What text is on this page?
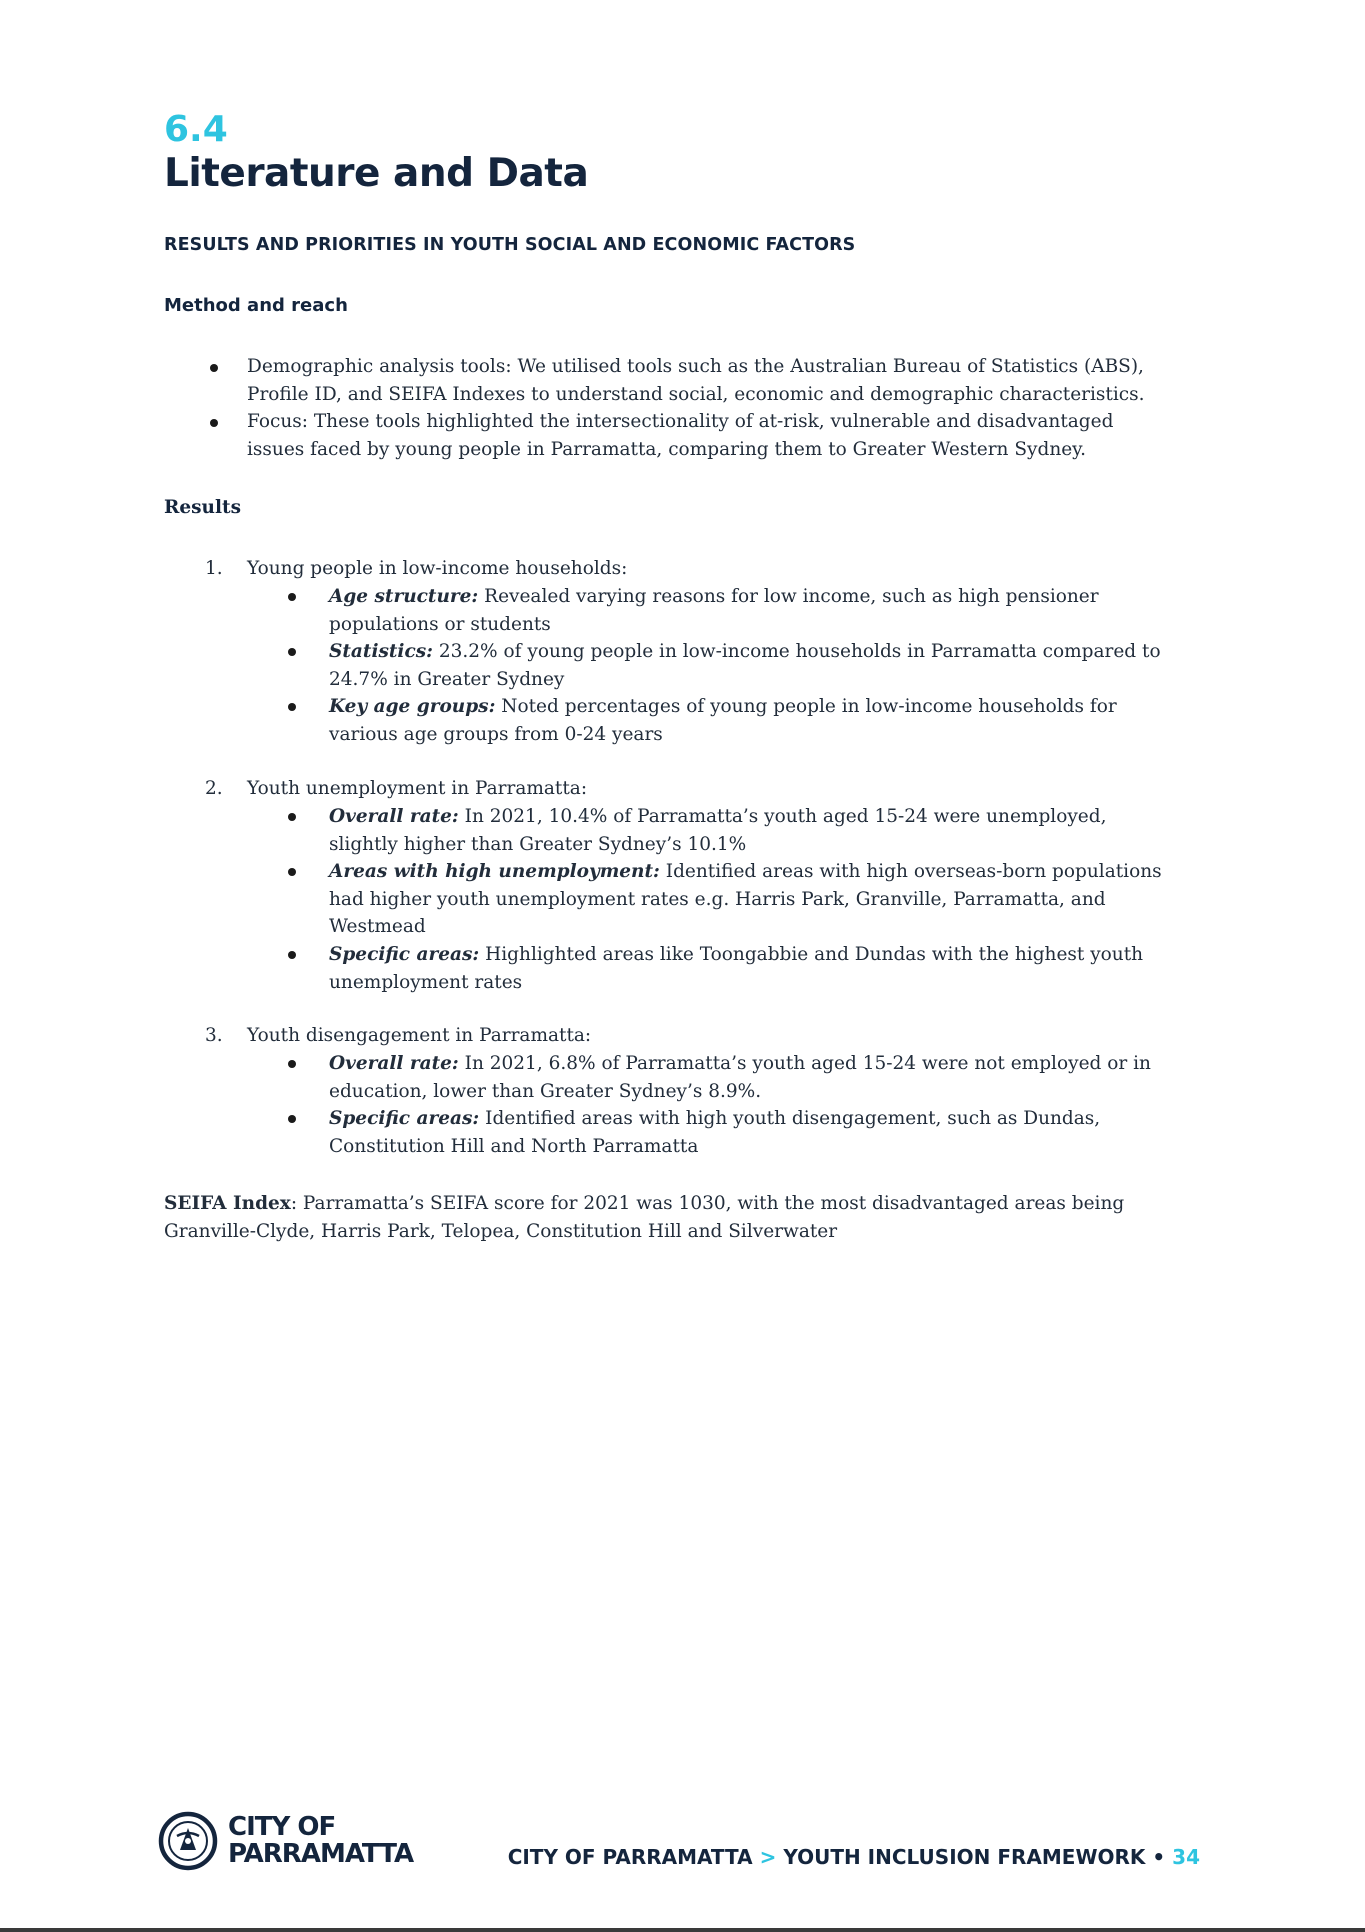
6.4
Literature and Data
RESULTS AND PRIORITIES IN YOUTH SOCIAL AND ECONOMIC FACTORS
Method and reach
Demographic analysis tools: We utilised tools such as the Australian Bureau of Statistics (ABS),
Profile ID, and SEIFA Indexes to understand social, economic and demographic characteristics.
Focus: These tools highlighted the intersectionality of at-risk, vulnerable and disadvantaged
issues faced by young people in Parramatta, comparing them to Greater Western Sydney.
Results
1. Young people in low-income households:
Age structure: Revealed varying reasons for low income, such as high pensioner
populations or students
Statistics: 23.2% of young people in low-income households in Parramatta compared to
24.7% in Greater Sydney
Key age groups: Noted percentages of young people in low-income households for
various age groups from 0-24 years
2. Youth unemployment in Parramatta:
Overall rate: In 2021, 10.4% of Parramatta’s youth aged 15-24 were unemployed,
slightly higher than Greater Sydney’s 10.1%
Areas with high unemployment: Identified areas with high overseas-born populations
had higher youth unemployment rates e.g. Harris Park, Granville, Parramatta, and
Westmead
Specific areas: Highlighted areas like Toongabbie and Dundas with the highest youth
unemployment rates
3. Youth disengagement in Parramatta:
Overall rate: In 2021, 6.8% of Parramatta’s youth aged 15-24 were not employed or in
education, lower than Greater Sydney’s 8.9%.
Specific areas: Identified areas with high youth disengagement, such as Dundas,
Constitution Hill and North Parramatta
SEIFA Index: Parramatta’s SEIFA score for 2021 was 1030, with the most disadvantaged areas being
Granville-Clyde, Harris Park, Telopea, Constitution Hill and Silverwater
CITY OF
PARRAMATTA	CITY OF PARRAMATTA > YOUTH INCLUSION FRAMEWORK • 34
